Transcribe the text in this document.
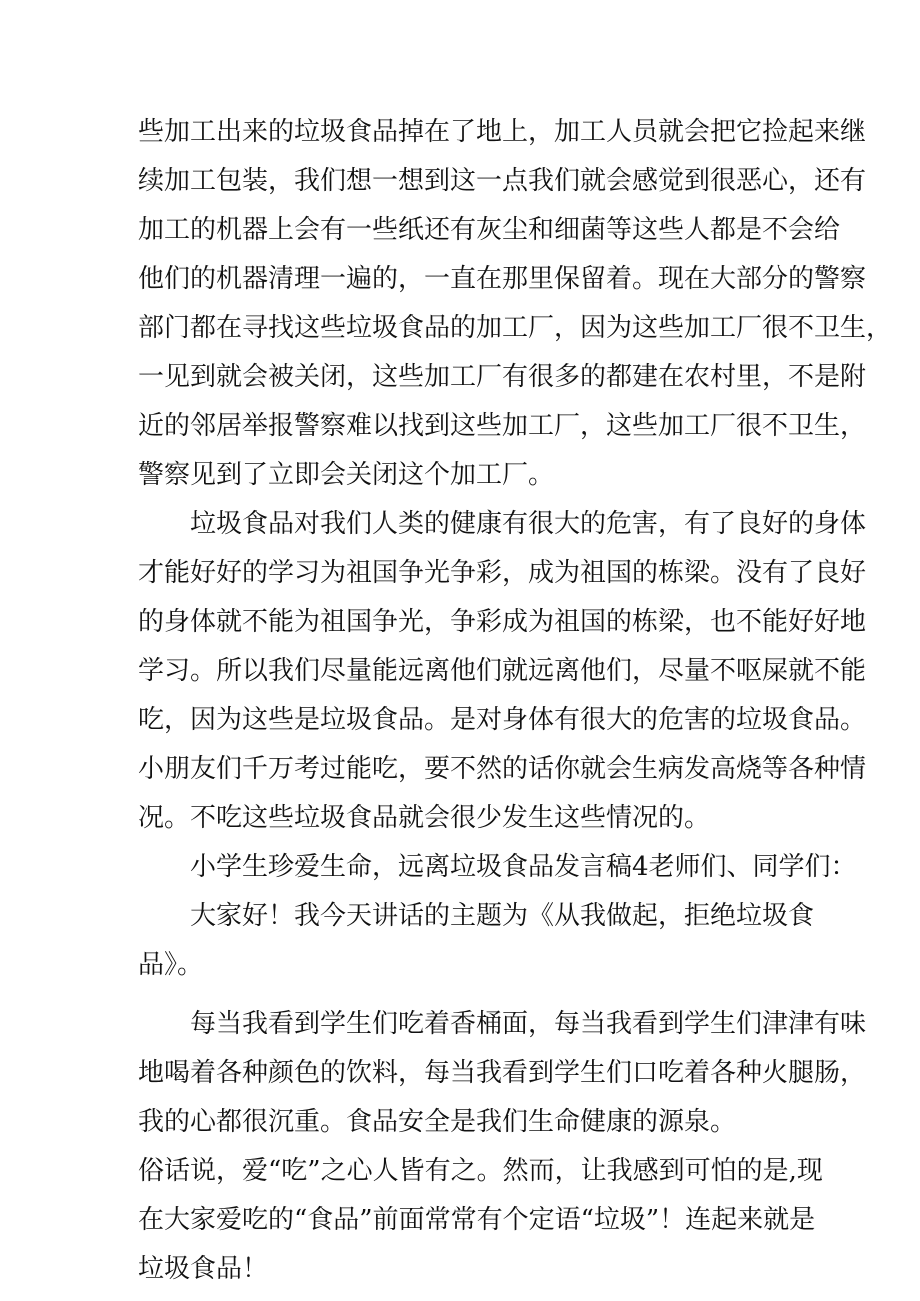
些加工出来的垃圾食品掉在了地上，加工人员就会把它捡起来继
续加工包装，我们想一想到这一点我们就会感觉到很恶心，还有
加工的机器上会有一些纸还有灰尘和细菌等这些人都是不会给
他们的机器清理一遍的，一直在那里保留着。现在大部分的警察
部门都在寻找这些垃圾食品的加工厂，因为这些加工厂很不卫生，
一见到就会被关闭，这些加工厂有很多的都建在农村里，不是附
近的邻居举报警察难以找到这些加工厂，这些加工厂很不卫生，
警察见到了立即会关闭这个加工厂。
垃圾食品对我们人类的健康有很大的危害，有了良好的身体
才能好好的学习为祖国争光争彩，成为祖国的栋梁。没有了良好
的身体就不能为祖国争光，争彩成为祖国的栋梁，也不能好好地
学习。所以我们尽量能远离他们就远离他们，尽量不呕屎就不能
吃，因为这些是垃圾食品。是对身体有很大的危害的垃圾食品。
小朋友们千万考过能吃，要不然的话你就会生病发高烧等各种情
况。不吃这些垃圾食品就会很少发生这些情况的。
小学生珍爱生命，远离垃圾食品发言稿4老师们、同学们：
大家好！我今天讲话的主题为《从我做起，拒绝垃圾食
品》。
每当我看到学生们吃着香桶面，每当我看到学生们津津有味
地喝着各种颜色的饮料，每当我看到学生们口吃着各种火腿肠，
我的心都很沉重。食品安全是我们生命健康的源泉。
俗话说，爱“吃”之心人皆有之。然而，让我感到可怕的是,现
在大家爱吃的“食品”前面常常有个定语“垃圾”！连起来就是
垃圾食品！
